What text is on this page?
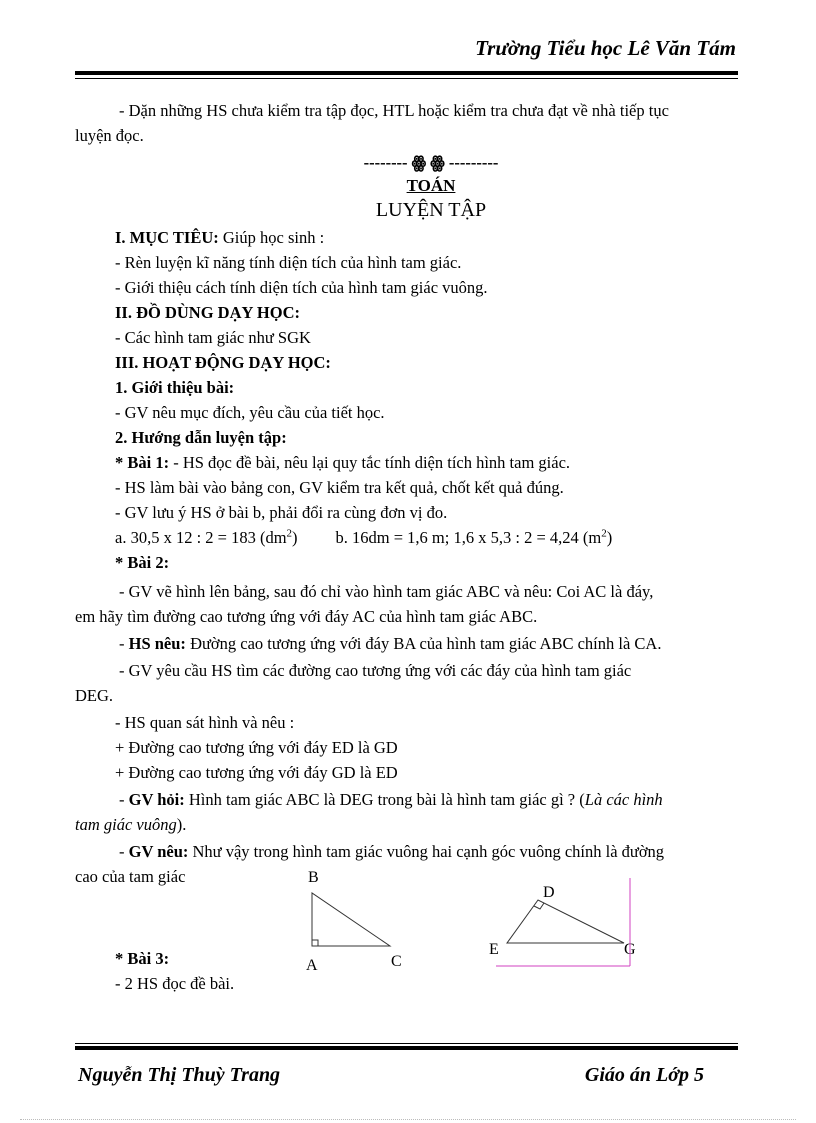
Trường Tiểu học Lê Văn Tám

- Dặn những HS chưa kiểm tra tập đọc, HTL hoặc kiểm tra chưa đạt về nhà tiếp tục

luyện đọc.

-------- ꙮ ꙮ ---------

TOÁN

LUYỆN TẬP

I. MỤC TIÊU: Giúp học sinh :

- Rèn luyện kĩ năng tính diện tích của hình tam giác.

- Giới thiệu cách tính diện tích của hình tam giác vuông.

II. ĐỒ DÙNG DẠY HỌC:

- Các hình tam giác như SGK

III. HOẠT ĐỘNG DẠY HỌC:

1. Giới thiệu bài:

- GV nêu mục đích, yêu cầu của tiết học.

2. Hướng dẫn luyện tập:

* Bài 1: - HS đọc đề bài, nêu lại quy tắc tính diện tích hình tam giác.

- HS làm bài vào bảng con, GV kiểm tra kết quả, chốt kết quả đúng.

- GV lưu ý HS ở bài b, phải đổi ra cùng đơn vị đo.

a. 30,5 x 12 : 2 = 183 $(dm^2)$ b. 16dm = 1,6 m; 1,6 x 5,3 : 2 = 4,24 $(m^2)$

* Bài 2:

- GV vẽ hình lên bảng, sau đó chỉ vào hình tam giác ABC và nêu: Coi AC là đáy,

em hãy tìm đường cao tương ứng với đáy AC của hình tam giác ABC.

- HS nêu: Đường cao tương ứng với đáy BA của hình tam giác ABC chính là CA.

- GV yêu cầu HS tìm các đường cao tương ứng với các đáy của hình tam giác

DEG.

- HS quan sát hình và nêu :

+ Đường cao tương ứng với đáy ED là GD

+ Đường cao tương ứng với đáy GD là ED

- GV hỏi: Hình tam giác ABC là DEG trong bài là hình tam giác gì ? (Là các hình

tam giác vuông).

- GV nêu: Như vậy trong hình tam giác vuông hai cạnh góc vuông chính là đường

cao của tam giác

* Bài 3:

- 2 HS đọc đề bài.

B
A	C
D
E	G
Nguyễn Thị Thuỳ Trang	Giáo án Lớp 5
